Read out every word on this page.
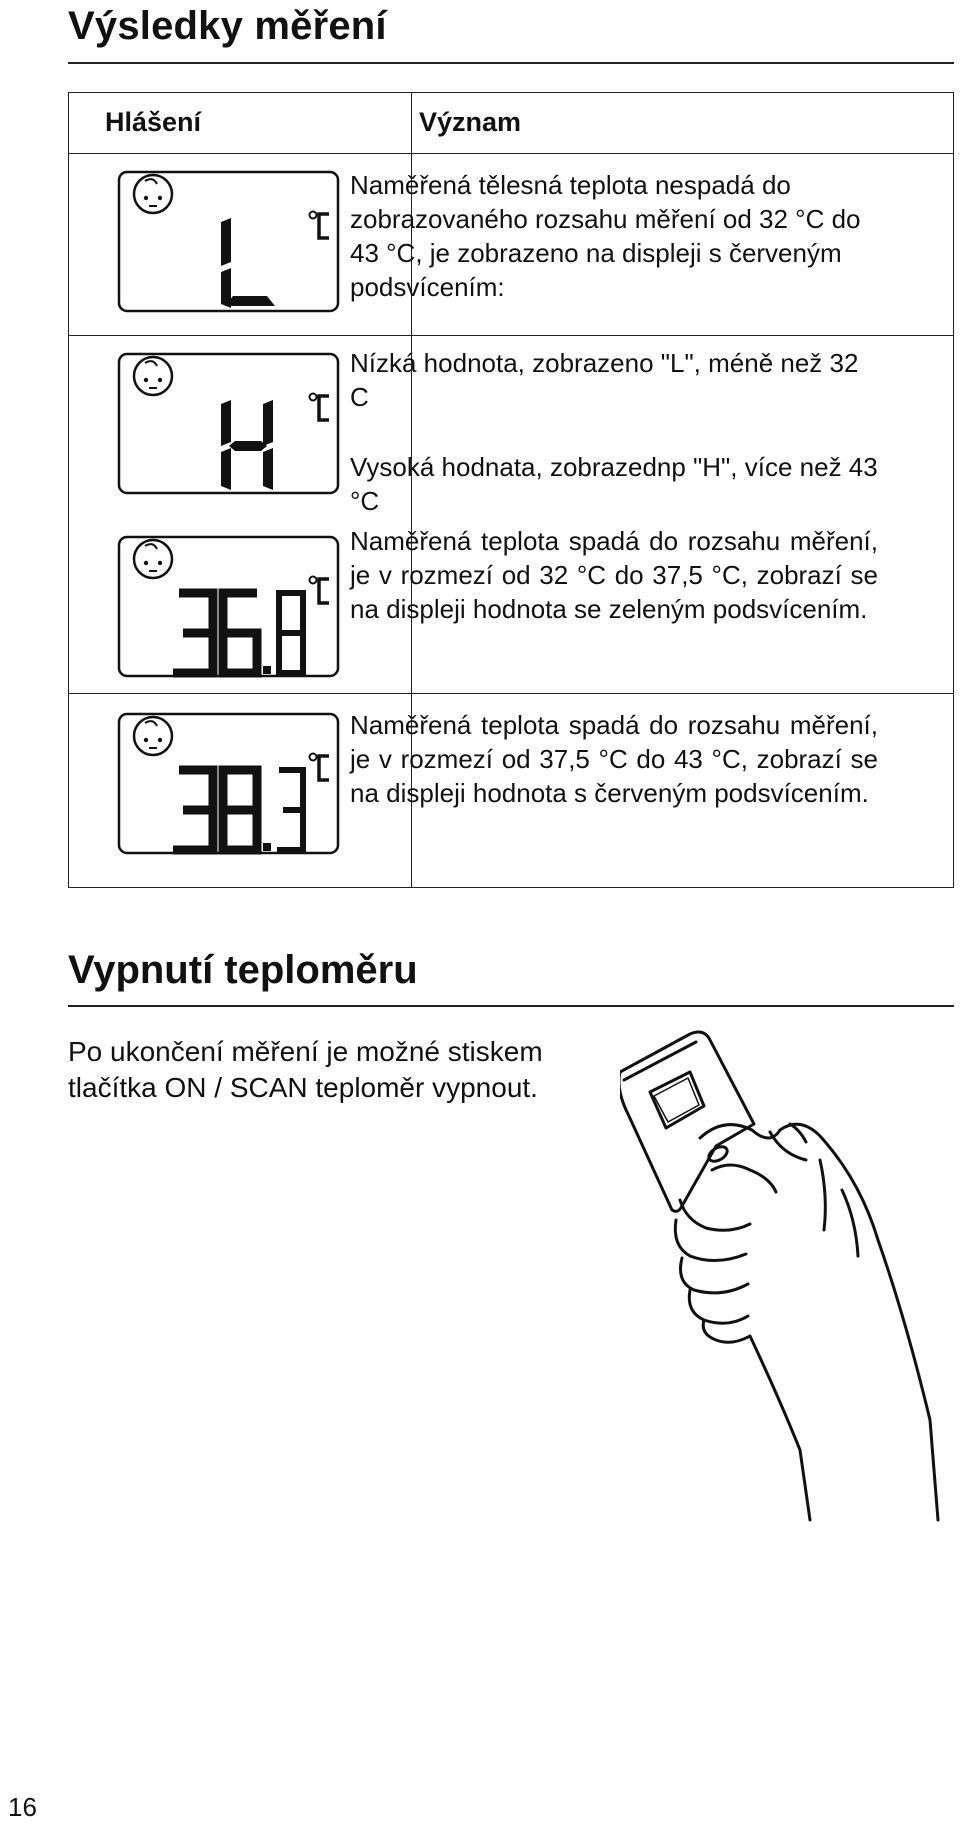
Výsledky měření
Hlášení	Význam
Naměřená tělesná teplota nespadá do zobrazovaného rozsahu měření od 32 °C do 43 °C, je zobrazeno na displeji s červeným podsvícením:
Nízká hodnota, zobrazeno "L", méně než 32 C
Vysoká hodnata, zobrazednp "H", více než 43 °C
Naměřená teplota spadá do rozsahu měření, je v rozmezí od 32 °C do 37,5 °C, zobrazí se na displeji hodnota se zeleným podsvícením.
Naměřená teplota spadá do rozsahu měření, je v rozmezí od 37,5 °C do 43 °C, zobrazí se na displeji hodnota s červeným podsvícením.
Vypnutí teploměru
Po ukončení měření je možné stiskem tlačítka ON / SCAN teploměr vypnout.
16
